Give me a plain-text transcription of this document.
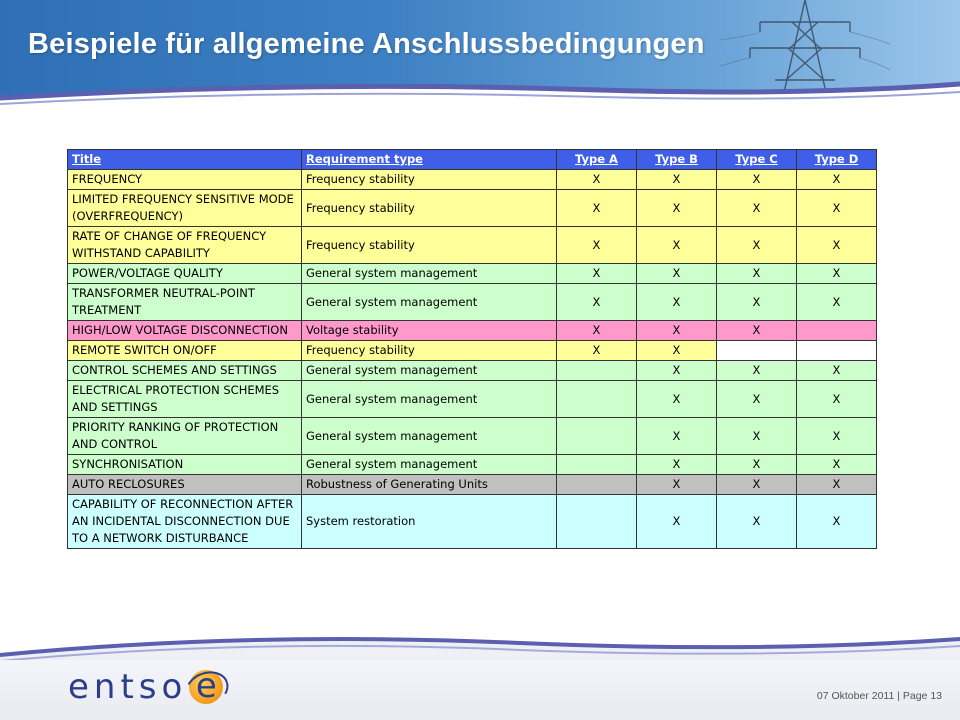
Beispiele für allgemeine Anschlussbedingungen
Title	Requirement type	Type A	Type B	Type C	Type D
FREQUENCY	Frequency stability	X	X	X	X
LIMITED FREQUENCY SENSITIVE MODE (OVERFREQUENCY)	Frequency stability	X	X	X	X
RATE OF CHANGE OF FREQUENCY WITHSTAND CAPABILITY	Frequency stability	X	X	X	X
POWER/VOLTAGE QUALITY	General system management	X	X	X	X
TRANSFORMER NEUTRAL-POINT TREATMENT	General system management	X	X	X	X
HIGH/LOW VOLTAGE DISCONNECTION	Voltage stability	X	X	X	
REMOTE SWITCH ON/OFF	Frequency stability	X	X		
CONTROL SCHEMES AND SETTINGS	General system management		X	X	X
ELECTRICAL PROTECTION SCHEMES AND SETTINGS	General system management		X	X	X
PRIORITY RANKING OF PROTECTION AND CONTROL	General system management		X	X	X
SYNCHRONISATION	General system management		X	X	X
AUTO RECLOSURES	Robustness of Generating Units		X	X	X
CAPABILITY OF RECONNECTION AFTER AN INCIDENTAL DISCONNECTION DUE TO A NETWORK DISTURBANCE	System restoration		X	X	X
entso e	07 Oktober 2011 | Page 13
